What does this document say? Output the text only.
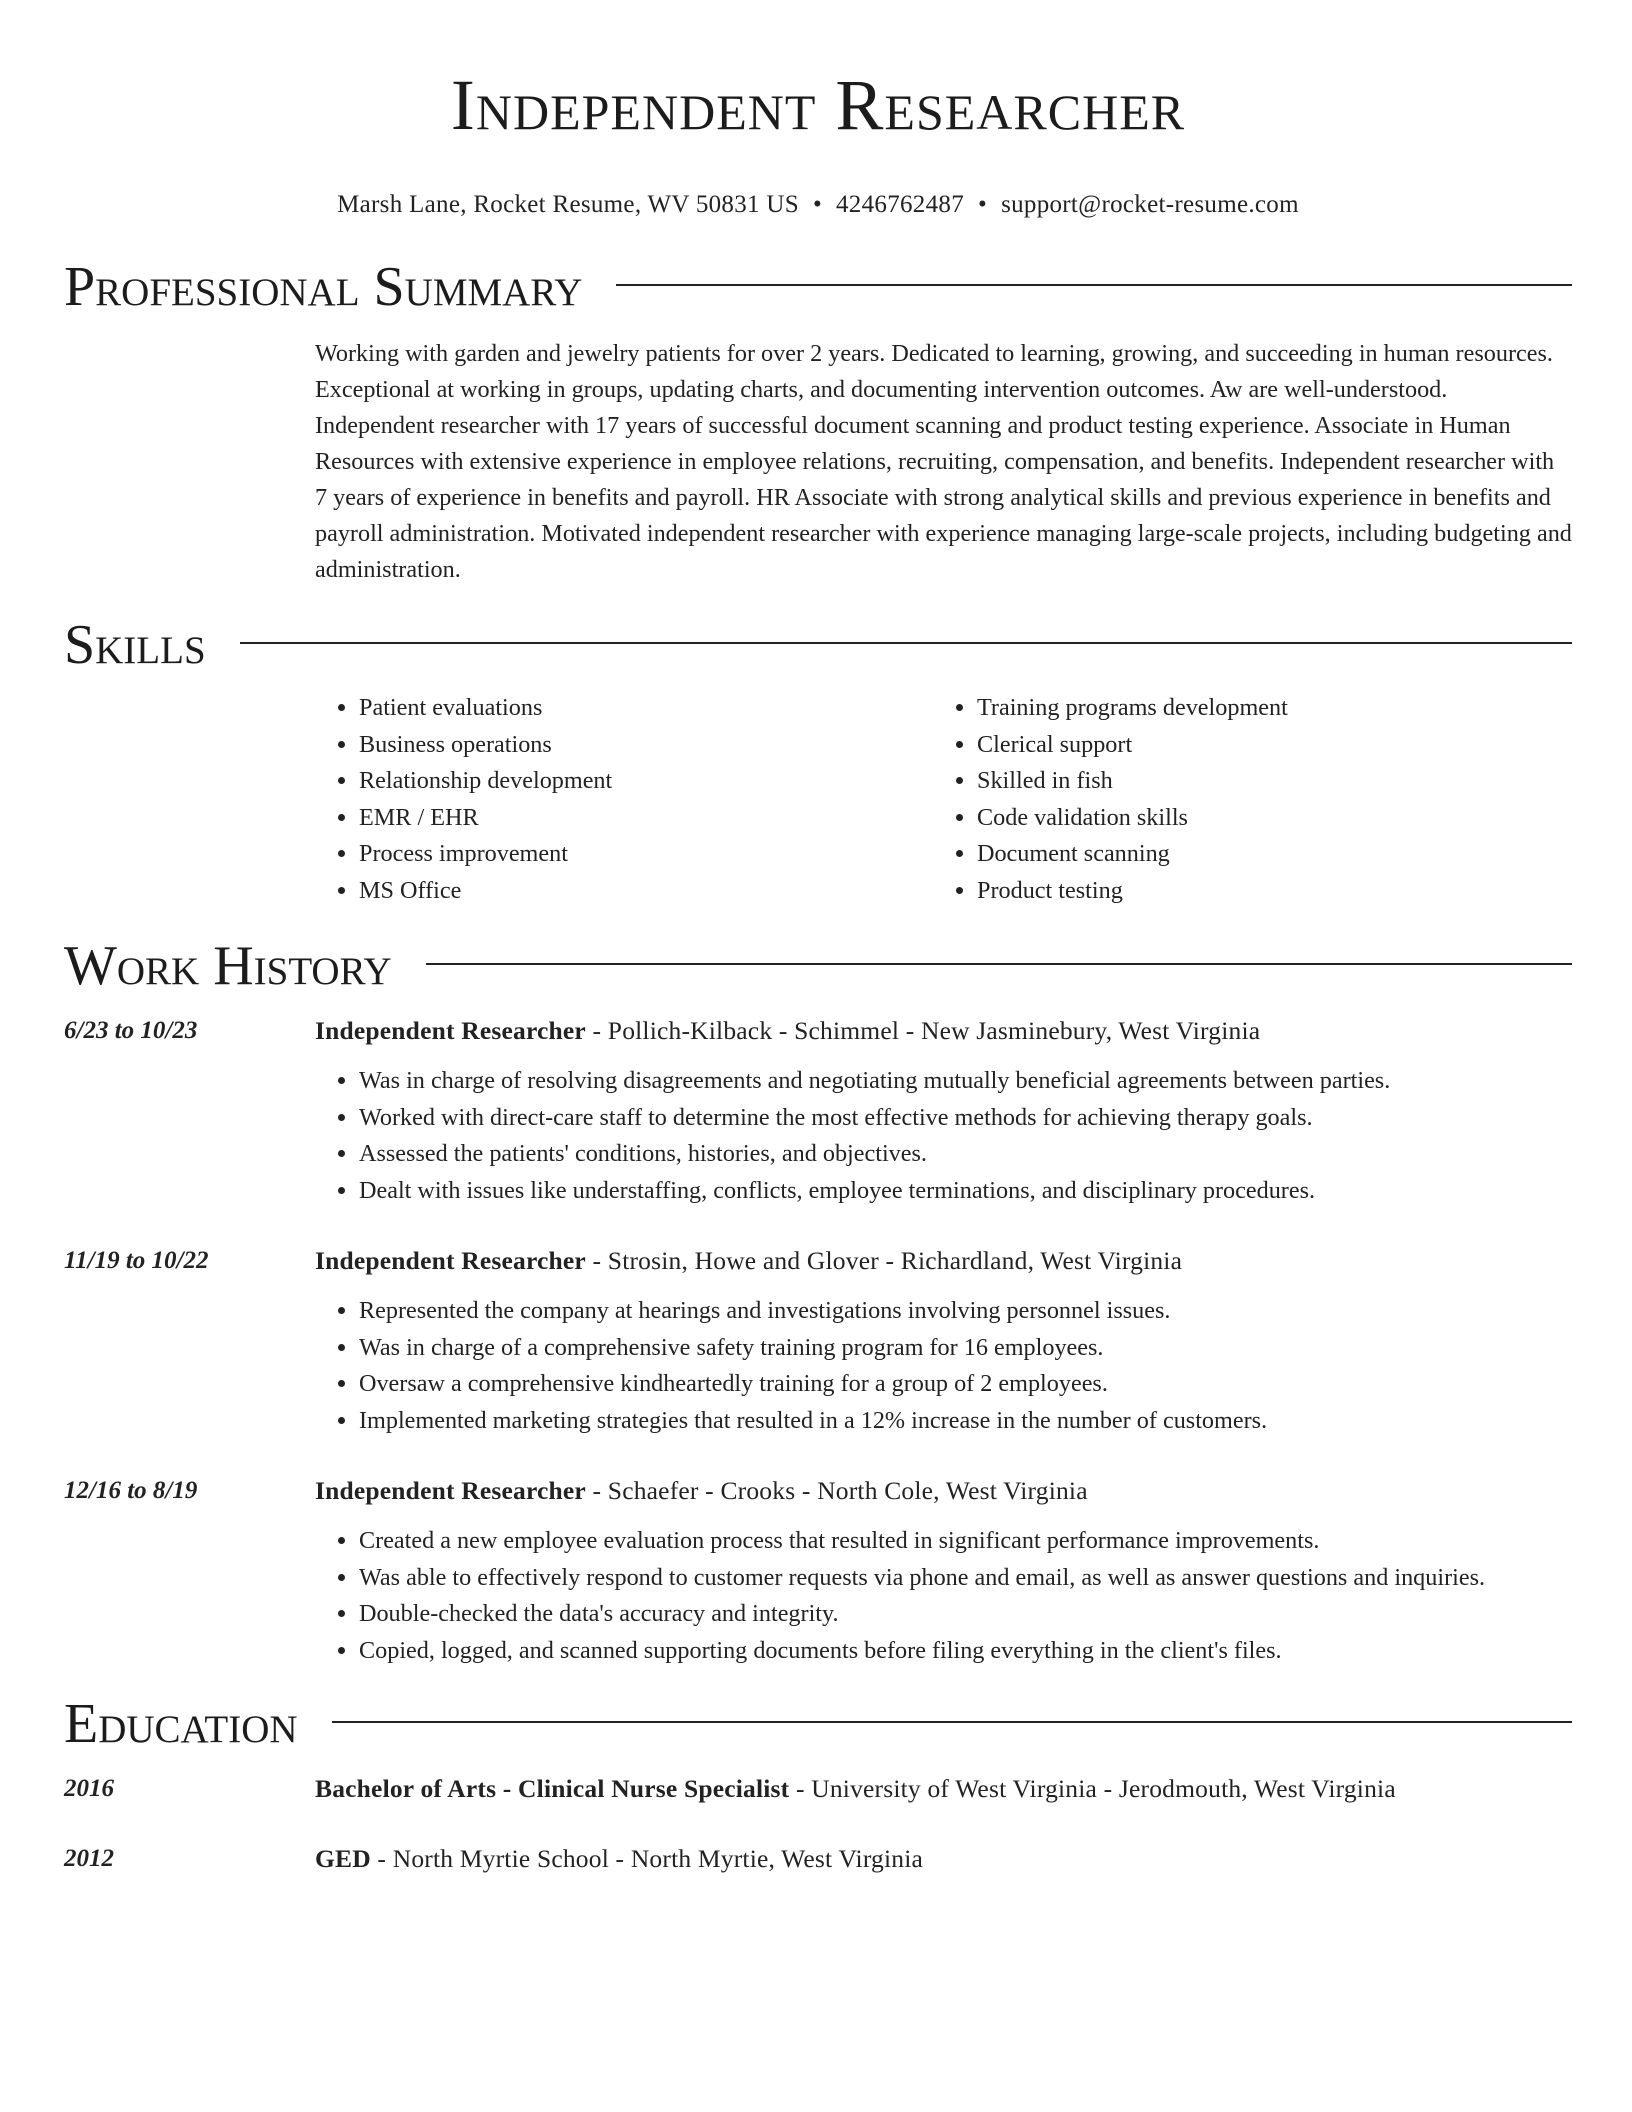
Independent Researcher
Marsh Lane, Rocket Resume, WV 50831 US • 4246762487 • support@rocket-resume.com
Professional Summary
Working with garden and jewelry patients for over 2 years. Dedicated to learning, growing, and succeeding in human resources. Exceptional at working in groups, updating charts, and documenting intervention outcomes. Aw are well-understood. Independent researcher with 17 years of successful document scanning and product testing experience. Associate in Human Resources with extensive experience in employee relations, recruiting, compensation, and benefits. Independent researcher with 7 years of experience in benefits and payroll. HR Associate with strong analytical skills and previous experience in benefits and payroll administration. Motivated independent researcher with experience managing large-scale projects, including budgeting and administration.
Skills
• Patient evaluations
• Business operations
• Relationship development
• EMR / EHR
• Process improvement
• MS Office
• Training programs development
• Clerical support
• Skilled in fish
• Code validation skills
• Document scanning
• Product testing
Work History
6/23 to 10/23	Independent Researcher - Pollich-Kilback - Schimmel - New Jasminebury, West Virginia
• Was in charge of resolving disagreements and negotiating mutually beneficial agreements between parties.
• Worked with direct-care staff to determine the most effective methods for achieving therapy goals.
• Assessed the patients' conditions, histories, and objectives.
• Dealt with issues like understaffing, conflicts, employee terminations, and disciplinary procedures.
11/19 to 10/22	Independent Researcher - Strosin, Howe and Glover - Richardland, West Virginia
• Represented the company at hearings and investigations involving personnel issues.
• Was in charge of a comprehensive safety training program for 16 employees.
• Oversaw a comprehensive kindheartedly training for a group of 2 employees.
• Implemented marketing strategies that resulted in a 12% increase in the number of customers.
12/16 to 8/19	Independent Researcher - Schaefer - Crooks - North Cole, West Virginia
• Created a new employee evaluation process that resulted in significant performance improvements.
• Was able to effectively respond to customer requests via phone and email, as well as answer questions and inquiries.
• Double-checked the data's accuracy and integrity.
• Copied, logged, and scanned supporting documents before filing everything in the client's files.
Education
2016	Bachelor of Arts - Clinical Nurse Specialist - University of West Virginia - Jerodmouth, West Virginia
2012	GED - North Myrtie School - North Myrtie, West Virginia
